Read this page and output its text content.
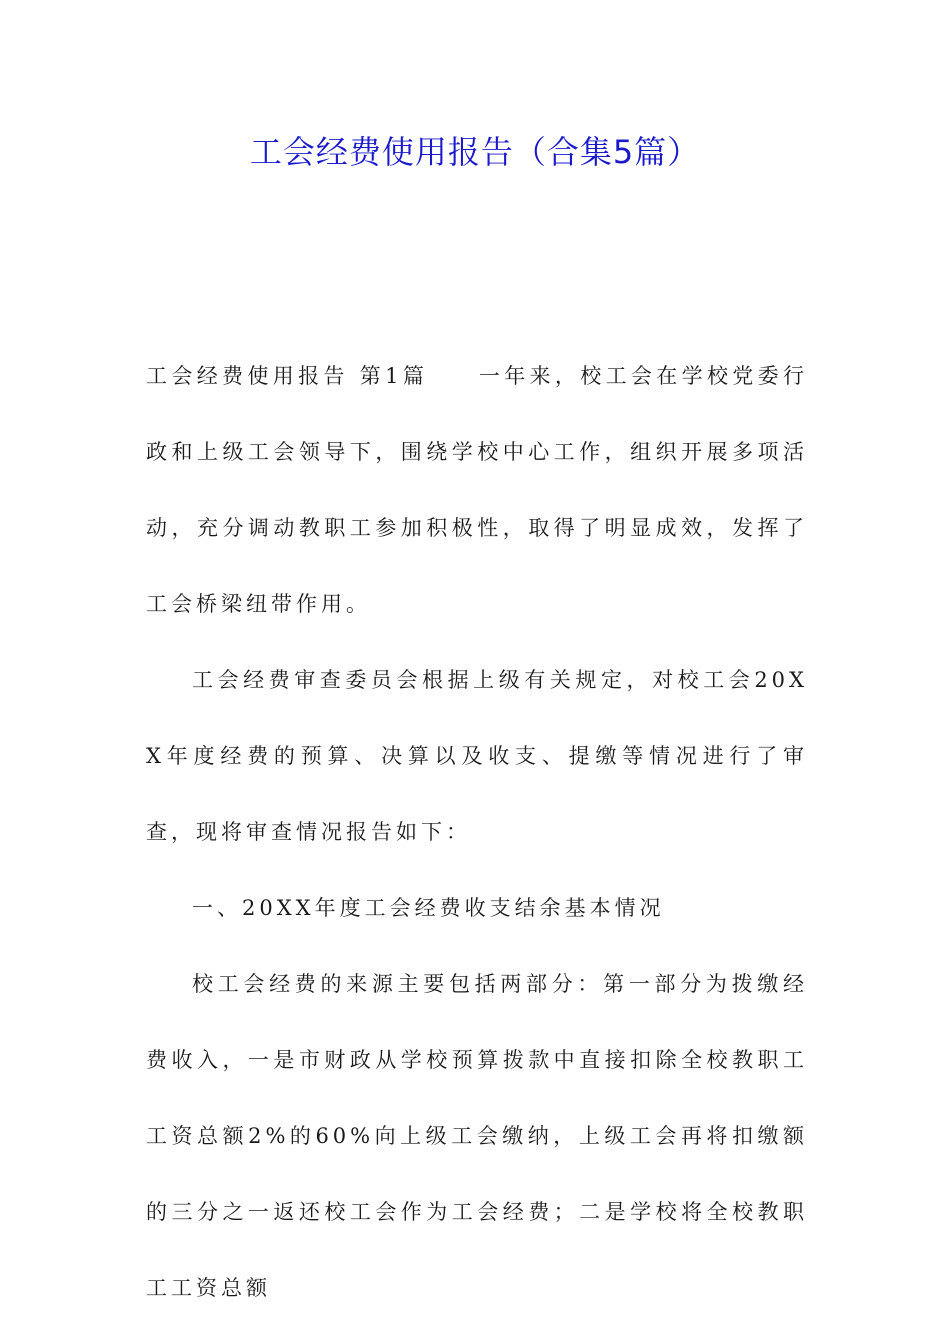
工会经费使用报告（合集5篇）

工会经费使用报告 第1篇　　一年来，校工会在学校党委行政和上级工会领导下，围绕学校中心工作，组织开展多项活动，充分调动教职工参加积极性，取得了明显成效，发挥了工会桥梁纽带作用。

工会经费审查委员会根据上级有关规定，对校工会20XX年度经费的预算、决算以及收支、提缴等情况进行了审查，现将审查情况报告如下：

一、20XX年度工会经费收支结余基本情况

校工会经费的来源主要包括两部分：第一部分为拨缴经费收入，一是市财政从学校预算拨款中直接扣除全校教职工工资总额2%的60%向上级工会缴纳，上级工会再将扣缴额的三分之一返还校工会作为工会经费；二是学校将全校教职工工资总额
